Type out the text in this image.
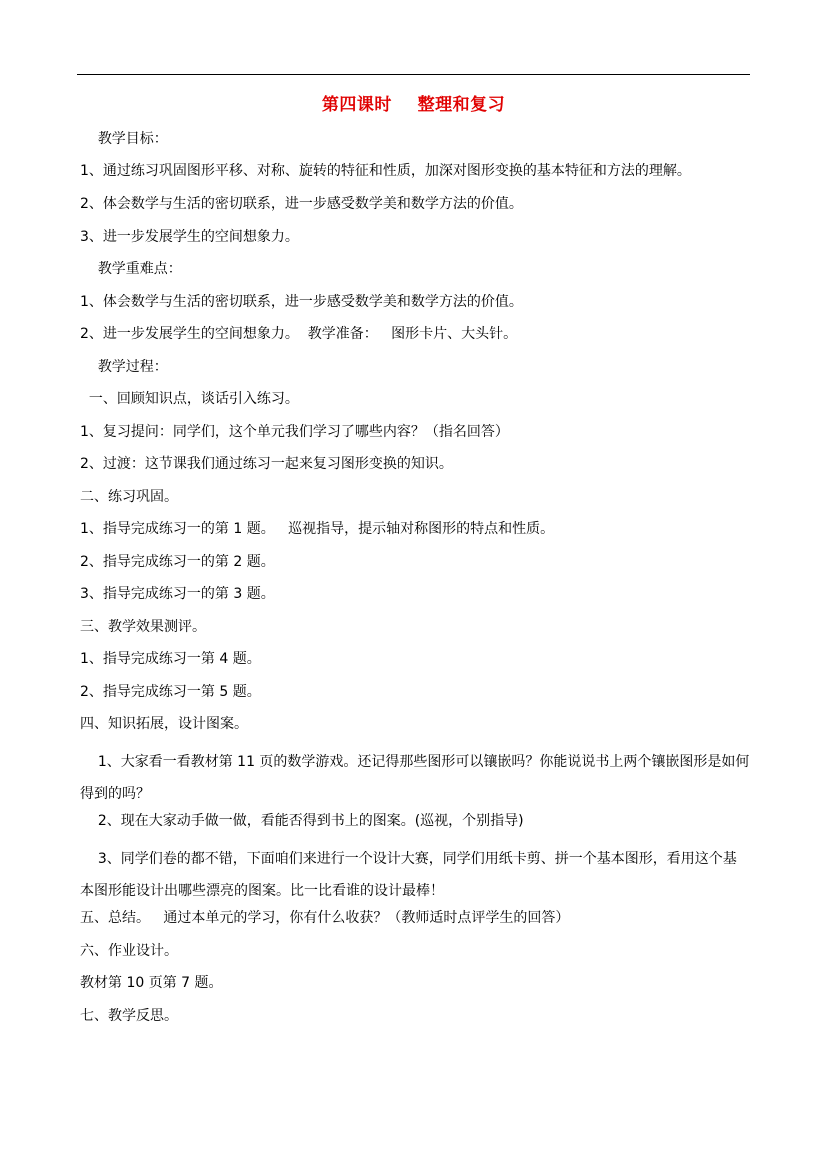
第四课时    整理和复习
教学目标：
1、通过练习巩固图形平移、对称、旋转的特征和性质，加深对图形变换的基本特征和方法的理解。
2、体会数学与生活的密切联系，进一步感受数学美和数学方法的价值。
3、进一步发展学生的空间想象力。
教学重难点：
1、体会数学与生活的密切联系，进一步感受数学美和数学方法的价值。
2、进一步发展学生的空间想象力。  教学准备：   图形卡片、大头针。
教学过程：
一、回顾知识点，谈话引入练习。
1、复习提问：同学们，这个单元我们学习了哪些内容？（指名回答）
2、过渡：这节课我们通过练习一起来复习图形变换的知识。
二、练习巩固。
1、指导完成练习一的第 1 题。   巡视指导，提示轴对称图形的特点和性质。
2、指导完成练习一的第 2 题。
3、指导完成练习一的第 3 题。
三、教学效果测评。
1、指导完成练习一第 4 题。
2、指导完成练习一第 5 题。
四、知识拓展，设计图案。
1、大家看一看教材第 11 页的数学游戏。还记得那些图形可以镶嵌吗？你能说说书上两个镶嵌图形是如何得到的吗？
2、现在大家动手做一做，看能否得到书上的图案。(巡视，个别指导)
3、同学们卷的都不错，下面咱们来进行一个设计大赛，同学们用纸卡剪、拼一个基本图形，看用这个基本图形能设计出哪些漂亮的图案。比一比看谁的设计最棒！
五、总结。   通过本单元的学习，你有什么收获？（教师适时点评学生的回答）
六、作业设计。
教材第 10 页第 7 题。
七、教学反思。
